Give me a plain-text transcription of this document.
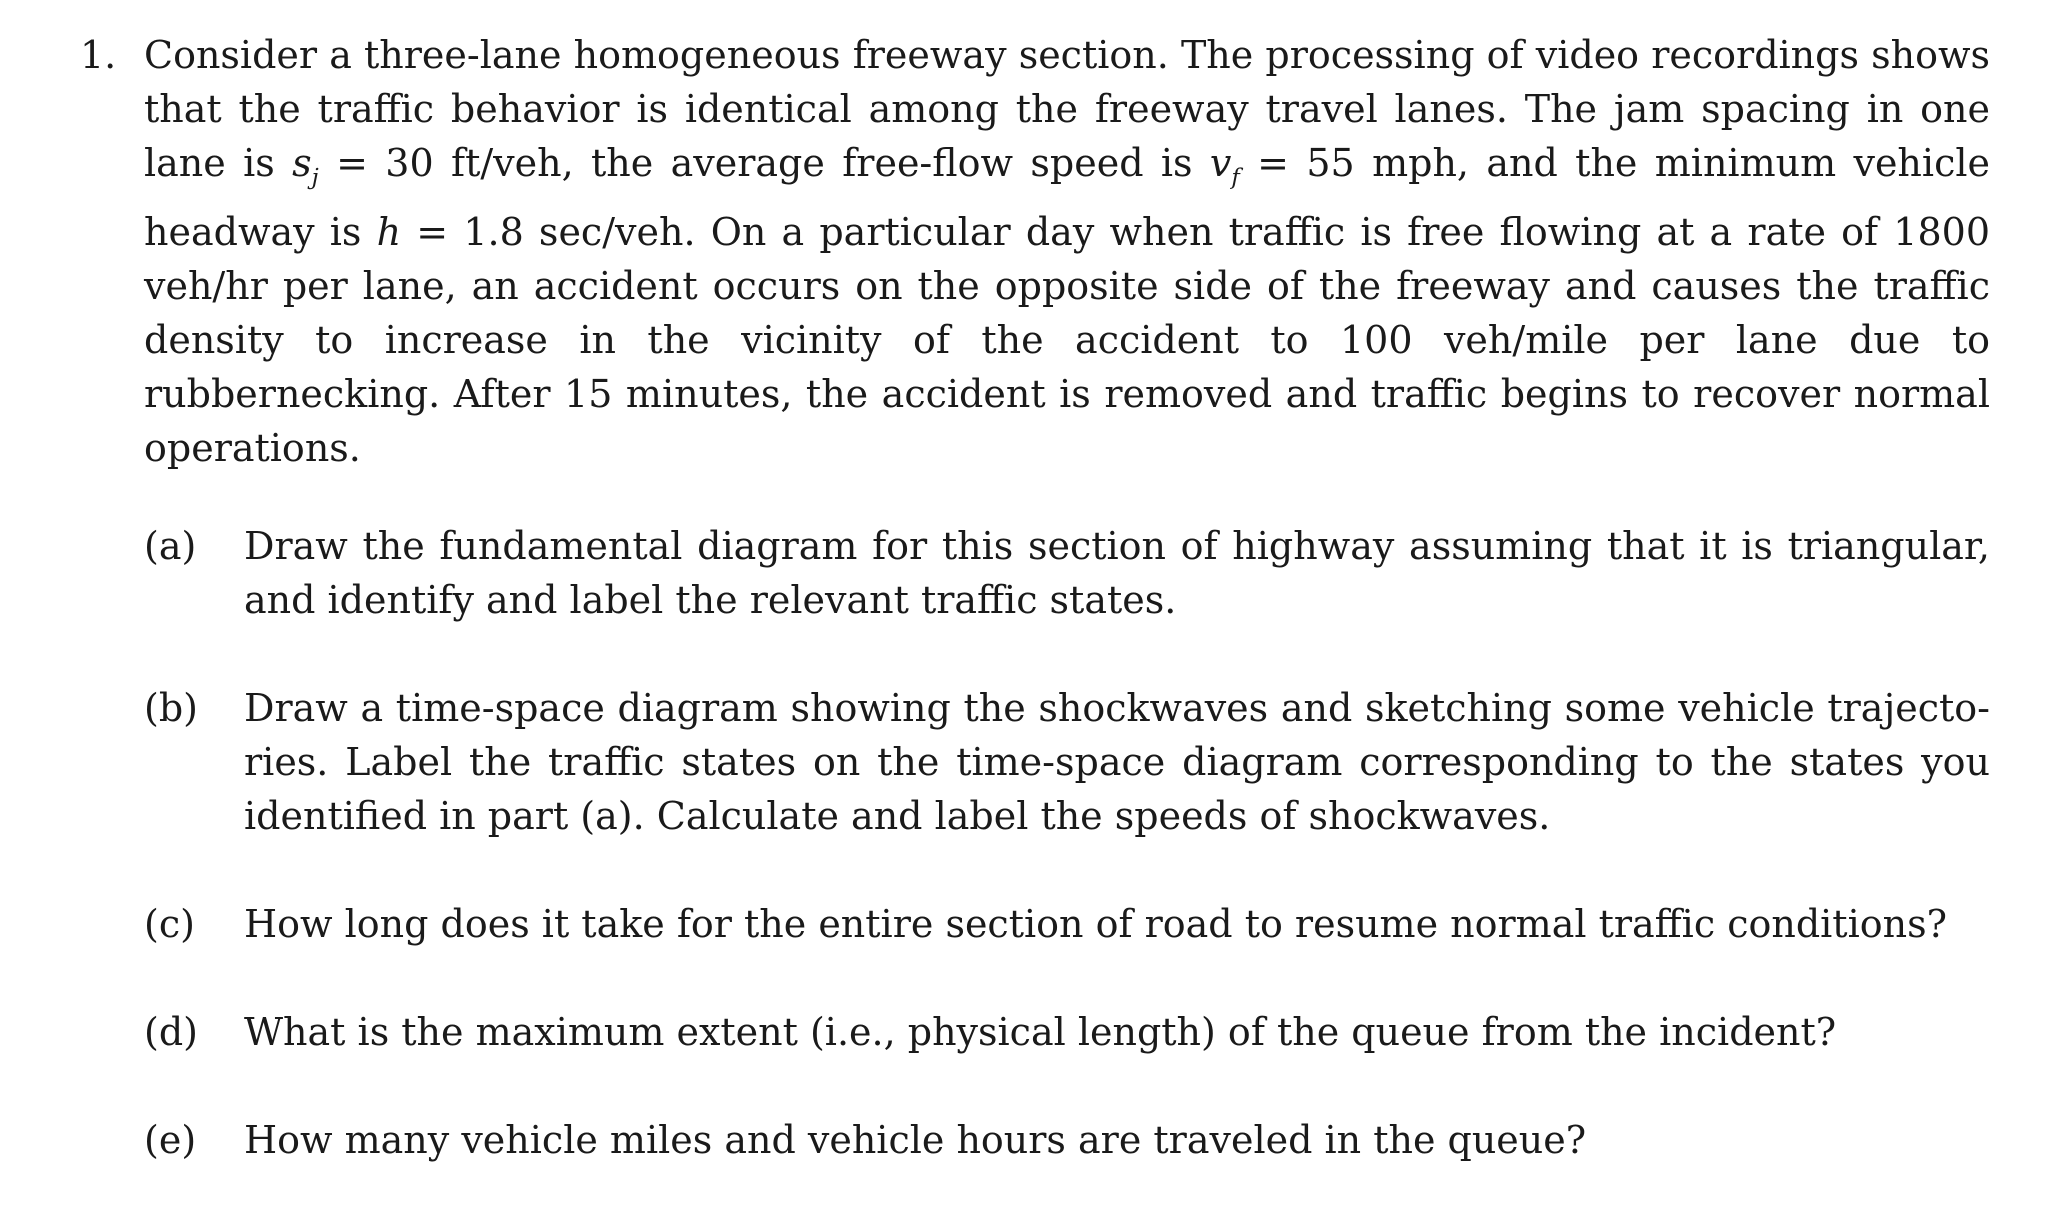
1. Consider a three-lane homogeneous freeway section. The processing of video recordings shows that the traffic behavior is identical among the freeway travel lanes. The jam spacing in one lane is $s_j = 30$ ft/veh, the average free-flow speed is $v_f = 55$ mph, and the minimum vehicle headway is h = 1.8 sec/veh. On a particular day when traffic is free flowing at a rate of 1800 veh/hr per lane, an accident occurs on the opposite side of the freeway and causes the traffic density to increase in the vicinity of the accident to 100 veh/mile per lane due to rubbernecking. After 15 minutes, the accident is removed and traffic begins to recover normal operations.
(a) Draw the fundamental diagram for this section of highway assuming that it is triangular, and identify and label the relevant traffic states.
(b) Draw a time-space diagram showing the shockwaves and sketching some vehicle trajecto-ries. Label the traffic states on the time-space diagram corresponding to the states you identified in part (a). Calculate and label the speeds of shockwaves.
(c) How long does it take for the entire section of road to resume normal traffic conditions?
(d) What is the maximum extent (i.e., physical length) of the queue from the incident?
(e) How many vehicle miles and vehicle hours are traveled in the queue?
